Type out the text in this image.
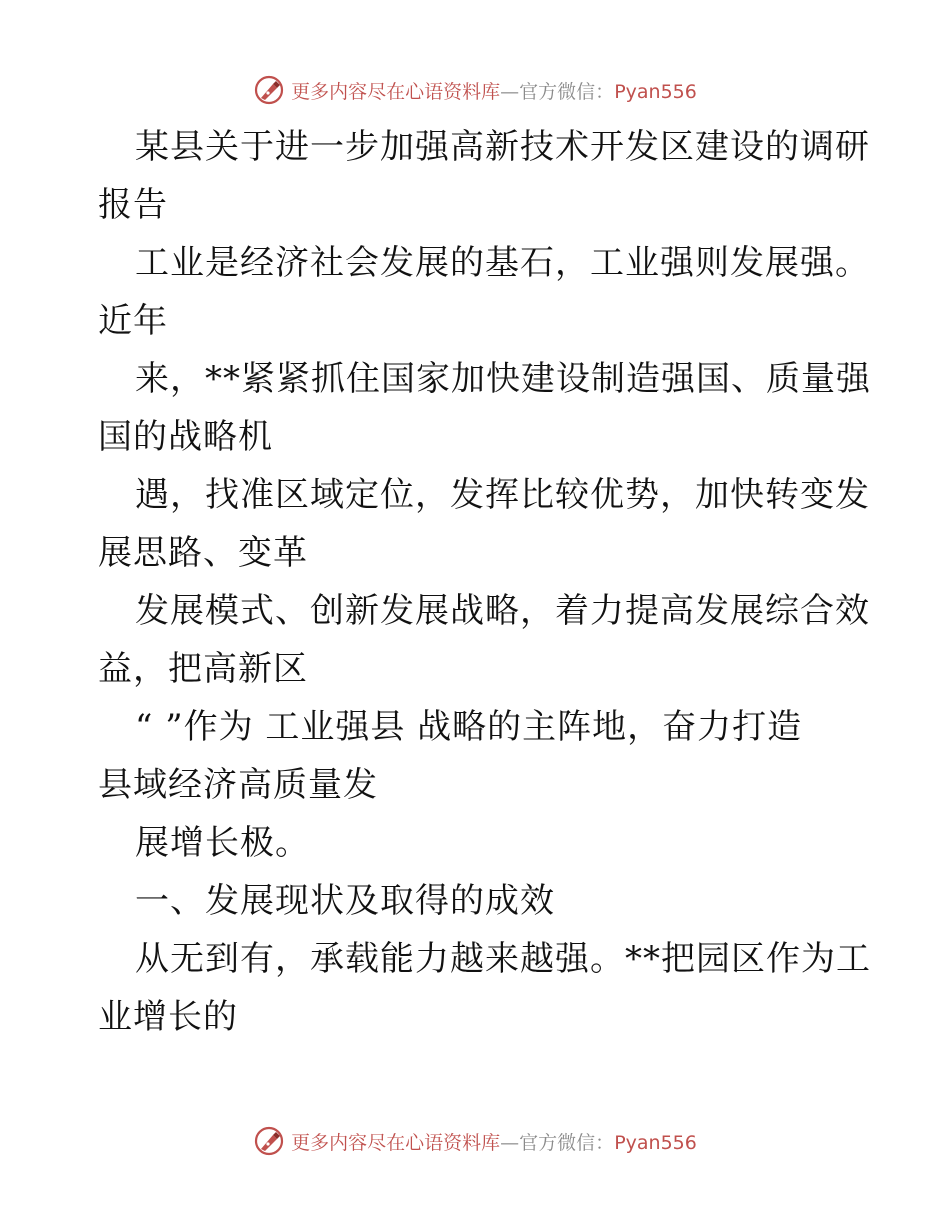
更多内容尽在心语资料库—官方微信：Pyan556
某县关于进一步加强高新技术开发区建设的调研
报告
工业是经济社会发展的基石，工业强则发展强。
近年
来，**紧紧抓住国家加快建设制造强国、质量强
国的战略机
遇，找准区域定位，发挥比较优势，加快转变发
展思路、变革
发展模式、创新发展战略，着力提高发展综合效
益，把高新区
“ ”作为 工业强县 战略的主阵地，奋力打造
县域经济高质量发
展增长极。
一、发展现状及取得的成效
从无到有，承载能力越来越强。**把园区作为工
业增长的
更多内容尽在心语资料库—官方微信：Pyan556
